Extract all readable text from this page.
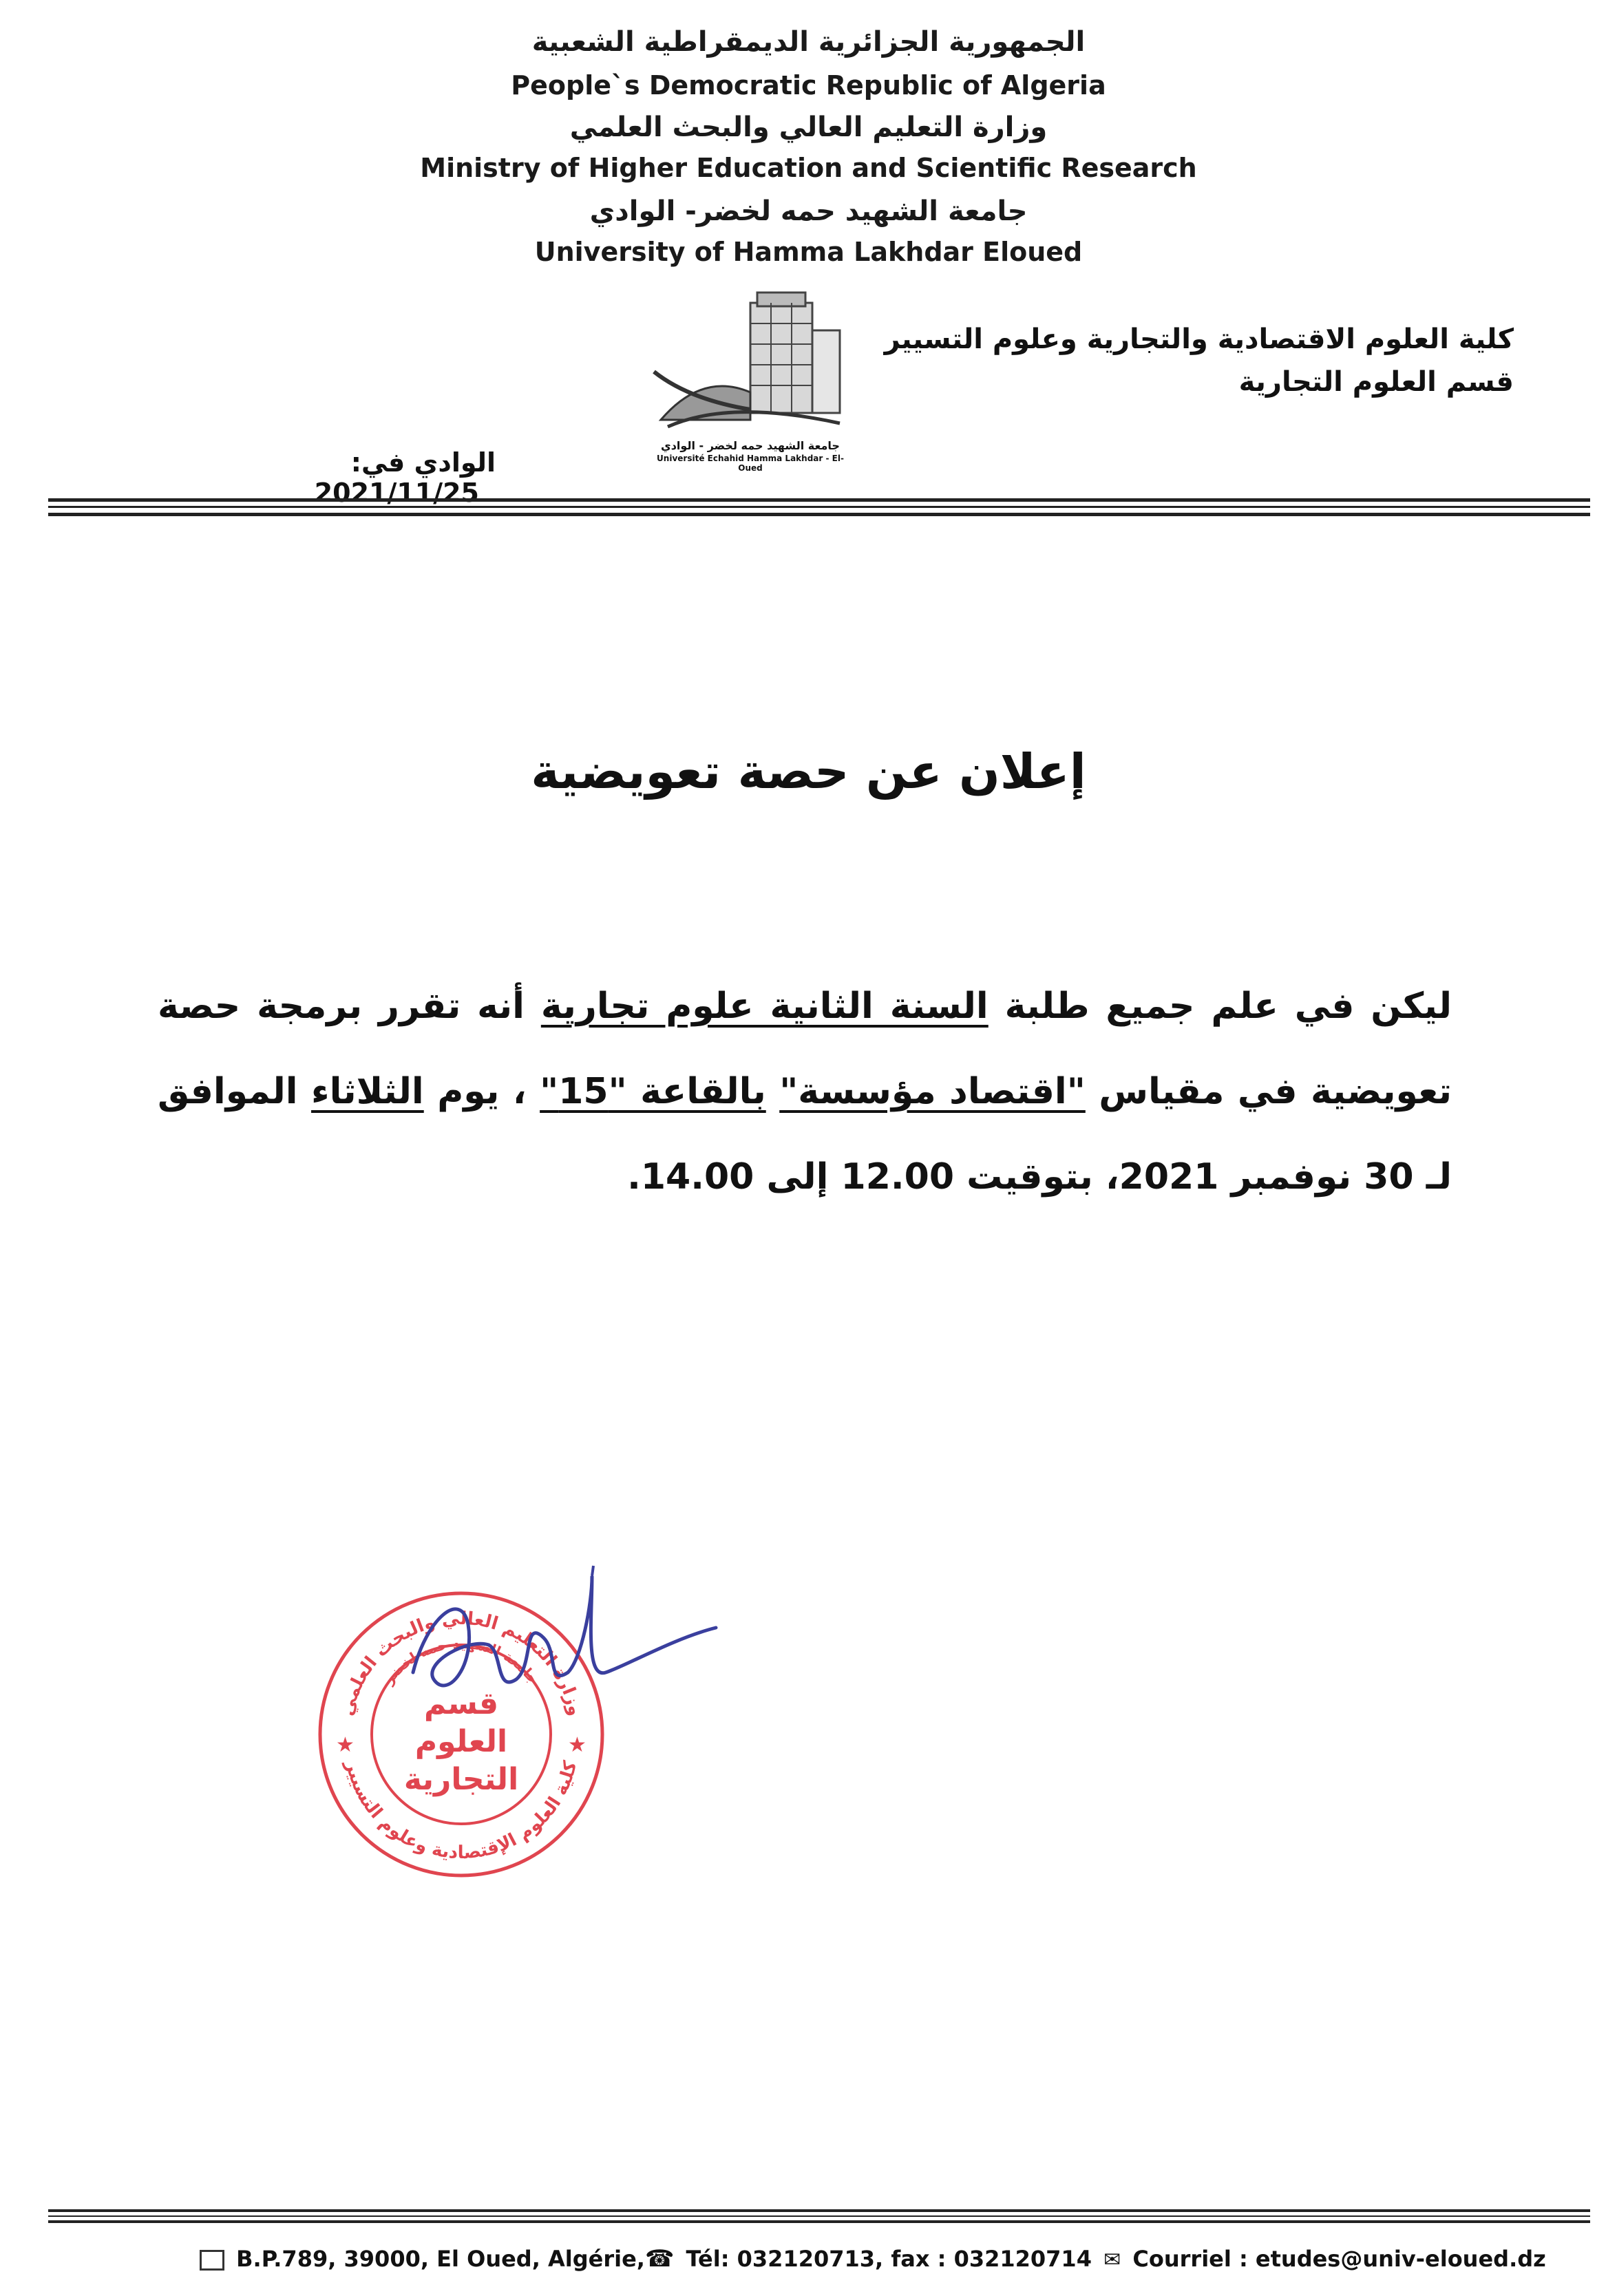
الجمهورية الجزائرية الديمقراطية الشعبية
People`s Democratic Republic of Algeria
وزارة التعليم العالي والبحث العلمي
Ministry of Higher Education and Scientific Research
جامعة الشهيد حمه لخضر- الوادي
University of Hamma Lakhdar Eloued
كلية العلوم الاقتصادية والتجارية وعلوم التسيير
قسم العلوم التجارية
جامعة الشهيد حمه لخضر - الوادي
Université Echahid Hamma Lakhdar - El-Oued
الوادي في: 2021/11/25
إعلان عن حصة تعويضية
ليكن في علم جميع طلبة السنة الثانية علوم تجارية أنه تقرر برمجة حصة تعويضية في مقياس "اقتصاد مؤسسة" بالقاعة "15" ، يوم الثلاثاء الموافق لـ 30 نوفمبر 2021، بتوقيت 12.00 إلى 14.00.
وزارة التعليم العالي والبحث العلمي
جامعة الشهيد حمه لخضر
كلية العلوم الإقتصادية وعلوم التسيير
قسم
العلوم
التجارية
★	★
B.P.789, 39000, El Oued, Algérie, ☎ Tél: 032120713, fax : 032120714 ✉ Courriel : etudes@univ-eloued.dz
